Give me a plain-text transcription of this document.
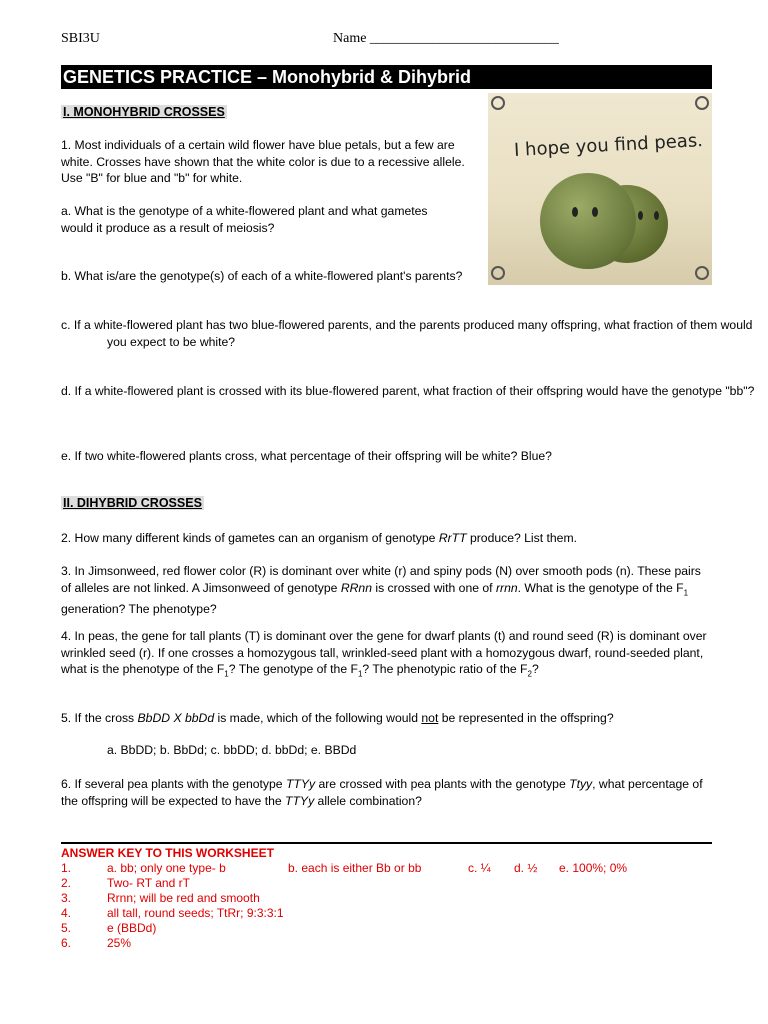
SBI3U	Name ___________________________
GENETICS PRACTICE – Monohybrid & Dihybrid
I. MONOHYBRID CROSSES
I hope you find peas.

1. Most individuals of a certain wild flower have blue petals, but a few are white. Crosses have shown that the white color is due to a recessive allele. Use "B" for blue and "b" for white.

a. What is the genotype of a white-flowered plant and what gametes would it produce as a result of meiosis?

b. What is/are the genotype(s) of each of a white-flowered plant's parents?

c. If a white-flowered plant has two blue-flowered parents, and the parents produced many offspring, what fraction of them would you expect to be white?

d. If a white-flowered plant is crossed with its blue-flowered parent, what fraction of their offspring would have the genotype "bb"?

e. If two white-flowered plants cross, what percentage of their offspring will be white? Blue?

II. DIHYBRID CROSSES

2. How many different kinds of gametes can an organism of genotype RrTT produce? List them.

3. In Jimsonweed, red flower color (R) is dominant over white (r) and spiny pods (N) over smooth pods (n). These pairs of alleles are not linked. A Jimsonweed of genotype RRnn is crossed with one of rrnn. What is the genotype of the $F_1$ generation? The phenotype?

4. In peas, the gene for tall plants (T) is dominant over the gene for dwarf plants (t) and round seed (R) is dominant over wrinkled seed (r). If one crosses a homozygous tall, wrinkled-seed plant with a homozygous dwarf, round-seeded plant, what is the phenotype of the $F_1$? The genotype of the $F_1$? The phenotypic ratio of the $F_2$?

5. If the cross BbDD X bbDd is made, which of the following would not be represented in the offspring?

a. BbDD; b. BbDd; c. bbDD; d. bbDd; e. BBDd

6. If several pea plants with the genotype TTYy are crossed with pea plants with the genotype Ttyy, what percentage of the offspring will be expected to have the TTYy allele combination?

ANSWER KEY TO THIS WORKSHEET
1.	a. bb; only one type- b	b. each is either Bb or bb	c. ¼ d. ½ e. 100%; 0%
2.	Two- RT and rT
3.	Rrnn; will be red and smooth
4.	all tall, round seeds; TtRr; 9:3:3:1
5.	e (BBDd)
6.	25%
